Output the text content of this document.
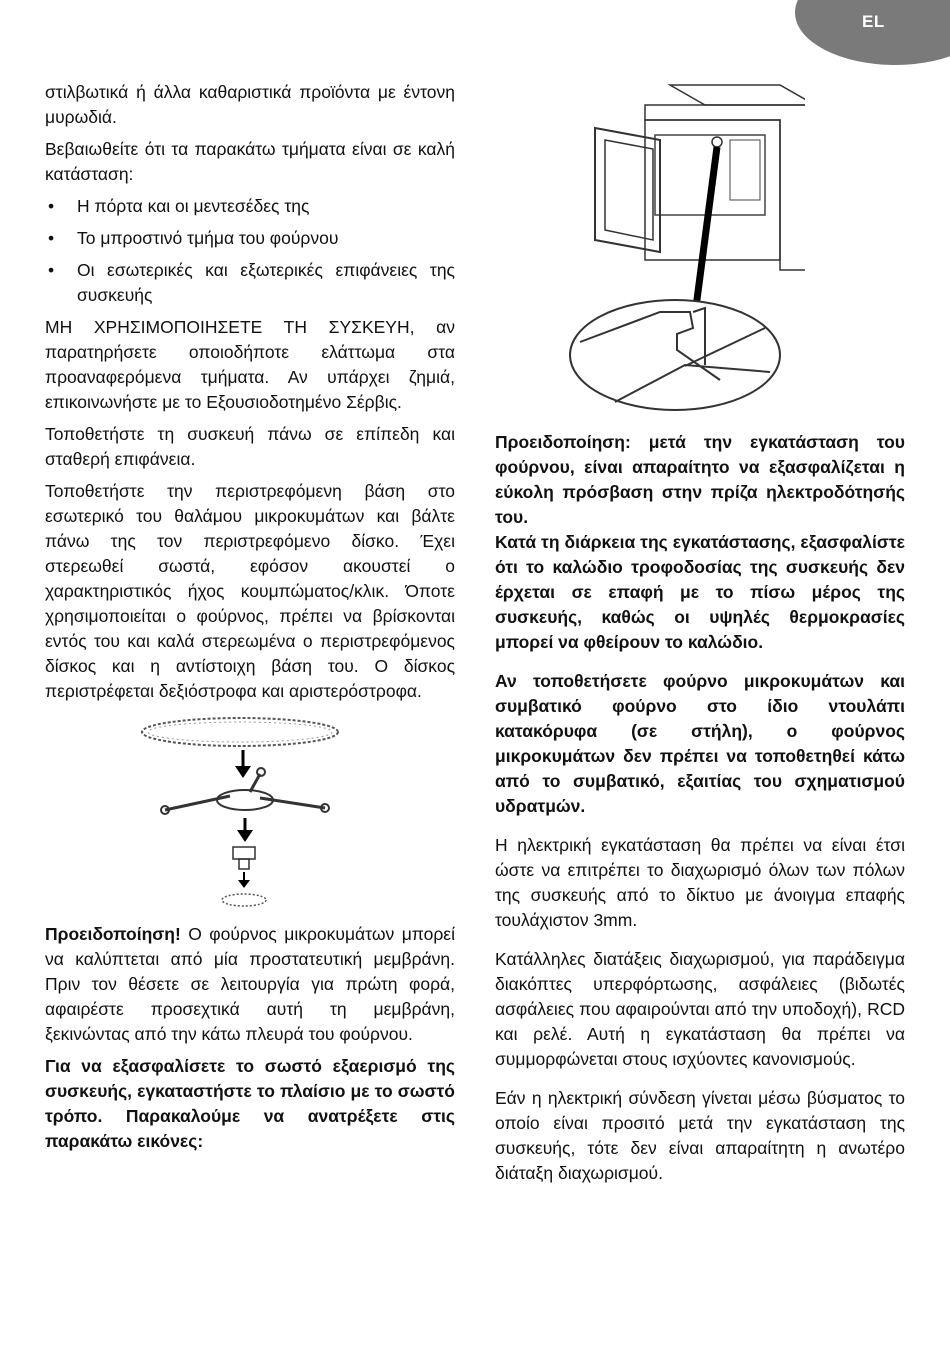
EL

στιλβωτικά ή άλλα καθαριστικά προϊόντα με έντονη μυρωδιά.

Βεβαιωθείτε ότι τα παρακάτω τμήματα είναι σε καλή κατάσταση:

• Η πόρτα και οι μεντεσέδες της
• Το μπροστινό τμήμα του φούρνου
• Οι εσωτερικές και εξωτερικές επιφάνειες της συσκευής

ΜΗ ΧΡΗΣΙΜΟΠΟΙΗΣΕΤΕ ΤΗ ΣΥΣΚΕΥΗ, αν παρατηρήσετε οποιοδήποτε ελάττωμα στα προαναφερόμενα τμήματα. Αν υπάρχει ζημιά, επικοινωνήστε με το Εξουσιοδοτημένο Σέρβις.

Τοποθετήστε τη συσκευή πάνω σε επίπεδη και σταθερή επιφάνεια.

Τοποθετήστε την περιστρεφόμενη βάση στο εσωτερικό του θαλάμου μικροκυμάτων και βάλτε πάνω της τον περιστρεφόμενο δίσκο. Έχει στερεωθεί σωστά, εφόσον ακουστεί ο χαρακτηριστικός ήχος κουμπώματος/κλικ. Όποτε χρησιμοποιείται ο φούρνος, πρέπει να βρίσκονται εντός του και καλά στερεωμένα ο περιστρεφόμενος δίσκος και η αντίστοιχη βάση του. Ο δίσκος περιστρέφεται δεξιόστροφα και αριστερόστροφα.

Προειδοποίηση! Ο φούρνος μικροκυμάτων μπορεί να καλύπτεται από μία προστατευτική μεμβράνη. Πριν τον θέσετε σε λειτουργία για πρώτη φορά, αφαιρέστε προσεχτικά αυτή τη μεμβράνη, ξεκινώντας από την κάτω πλευρά του φούρνου.

Για να εξασφαλίσετε το σωστό εξαερισμό της συσκευής, εγκαταστήστε το πλαίσιο με το σωστό τρόπο. Παρακαλούμε να ανατρέξετε στις παρακάτω εικόνες:

Προειδοποίηση: μετά την εγκατάσταση του φούρνου, είναι απαραίτητο να εξασφαλίζεται η εύκολη πρόσβαση στην πρίζα ηλεκτροδότησής του.

Κατά τη διάρκεια της εγκατάστασης, εξασφαλίστε ότι το καλώδιο τροφοδοσίας της συσκευής δεν έρχεται σε επαφή με το πίσω μέρος της συσκευής, καθώς οι υψηλές θερμοκρασίες μπορεί να φθείρουν το καλώδιο.

Αν τοποθετήσετε φούρνο μικροκυμάτων και συμβατικό φούρνο στο ίδιο ντουλάπι κατακόρυφα (σε στήλη), ο φούρνος μικροκυμάτων δεν πρέπει να τοποθετηθεί κάτω από το συμβατικό, εξαιτίας του σχηματισμού υδρατμών.

Η ηλεκτρική εγκατάσταση θα πρέπει να είναι έτσι ώστε να επιτρέπει το διαχωρισμό όλων των πόλων της συσκευής από το δίκτυο με άνοιγμα επαφής τουλάχιστον 3mm.

Κατάλληλες διατάξεις διαχωρισμού, για παράδειγμα διακόπτες υπερφόρτωσης, ασφάλειες (βιδωτές ασφάλειες που αφαιρούνται από την υποδοχή), RCD και ρελέ. Αυτή η εγκατάσταση θα πρέπει να συμμορφώνεται στους ισχύοντες κανονισμούς.

Εάν η ηλεκτρική σύνδεση γίνεται μέσω βύσματος το οποίο είναι προσιτό μετά την εγκατάσταση της συσκευής, τότε δεν είναι απαραίτητη η ανωτέρο διάταξη διαχωρισμού.
